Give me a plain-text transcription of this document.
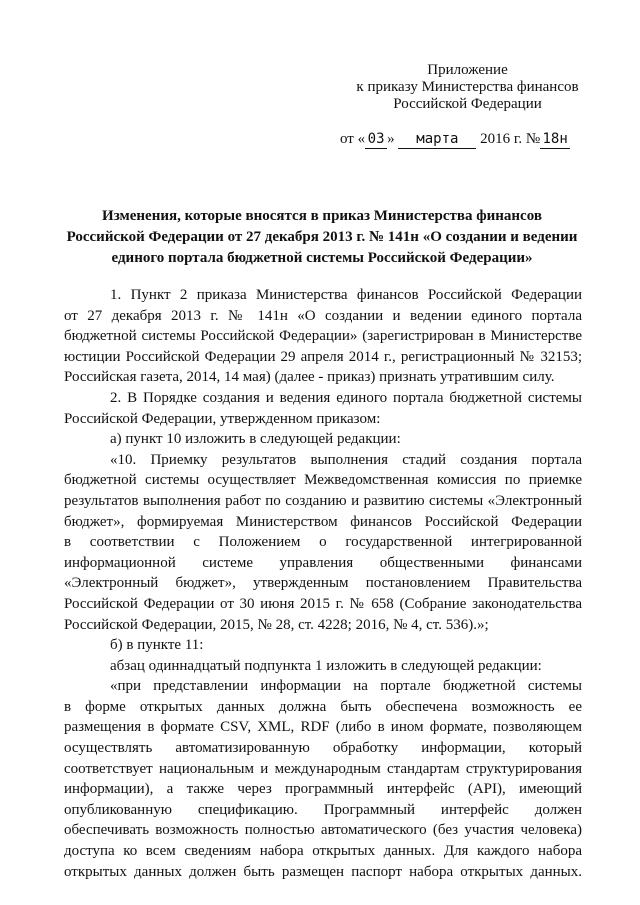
Приложение
к приказу Министерства финансов
Российской Федерации
от « 03 » марта 2016 г. № 18н
Изменения, которые вносятся в приказ Министерства финансов
Российской Федерации от 27 декабря 2013 г. № 141н «О создании и ведении
единого портала бюджетной системы Российской Федерации»
1. Пункт 2 приказа Министерства финансов Российской Федерации
от 27 декабря 2013 г. № 141н «О создании и ведении единого портала
бюджетной системы Российской Федерации» (зарегистрирован в Министерстве
юстиции Российской Федерации 29 апреля 2014 г., регистрационный № 32153;
Российская газета, 2014, 14 мая) (далее - приказ) признать утратившим силу.
2. В Порядке создания и ведения единого портала бюджетной системы
Российской Федерации, утвержденном приказом:
а) пункт 10 изложить в следующей редакции:
«10. Приемку результатов выполнения стадий создания портала
бюджетной системы осуществляет Межведомственная комиссия по приемке
результатов выполнения работ по созданию и развитию системы «Электронный
бюджет», формируемая Министерством финансов Российской Федерации
в соответствии с Положением о государственной интегрированной
информационной системе управления общественными финансами
«Электронный бюджет», утвержденным постановлением Правительства
Российской Федерации от 30 июня 2015 г. № 658 (Собрание законодательства
Российской Федерации, 2015, № 28, ст. 4228; 2016, № 4, ст. 536).»;
б) в пункте 11:
абзац одиннадцатый подпункта 1 изложить в следующей редакции:
«при представлении информации на портале бюджетной системы
в форме открытых данных должна быть обеспечена возможность ее
размещения в формате CSV, XML, RDF (либо в ином формате, позволяющем
осуществлять автоматизированную обработку информации, который
соответствует национальным и международным стандартам структурирования
информации), а также через программный интерфейс (API), имеющий
опубликованную спецификацию. Программный интерфейс должен
обеспечивать возможность полностью автоматического (без участия человека)
доступа ко всем сведениям набора открытых данных. Для каждого набора
открытых данных должен быть размещен паспорт набора открытых данных.
